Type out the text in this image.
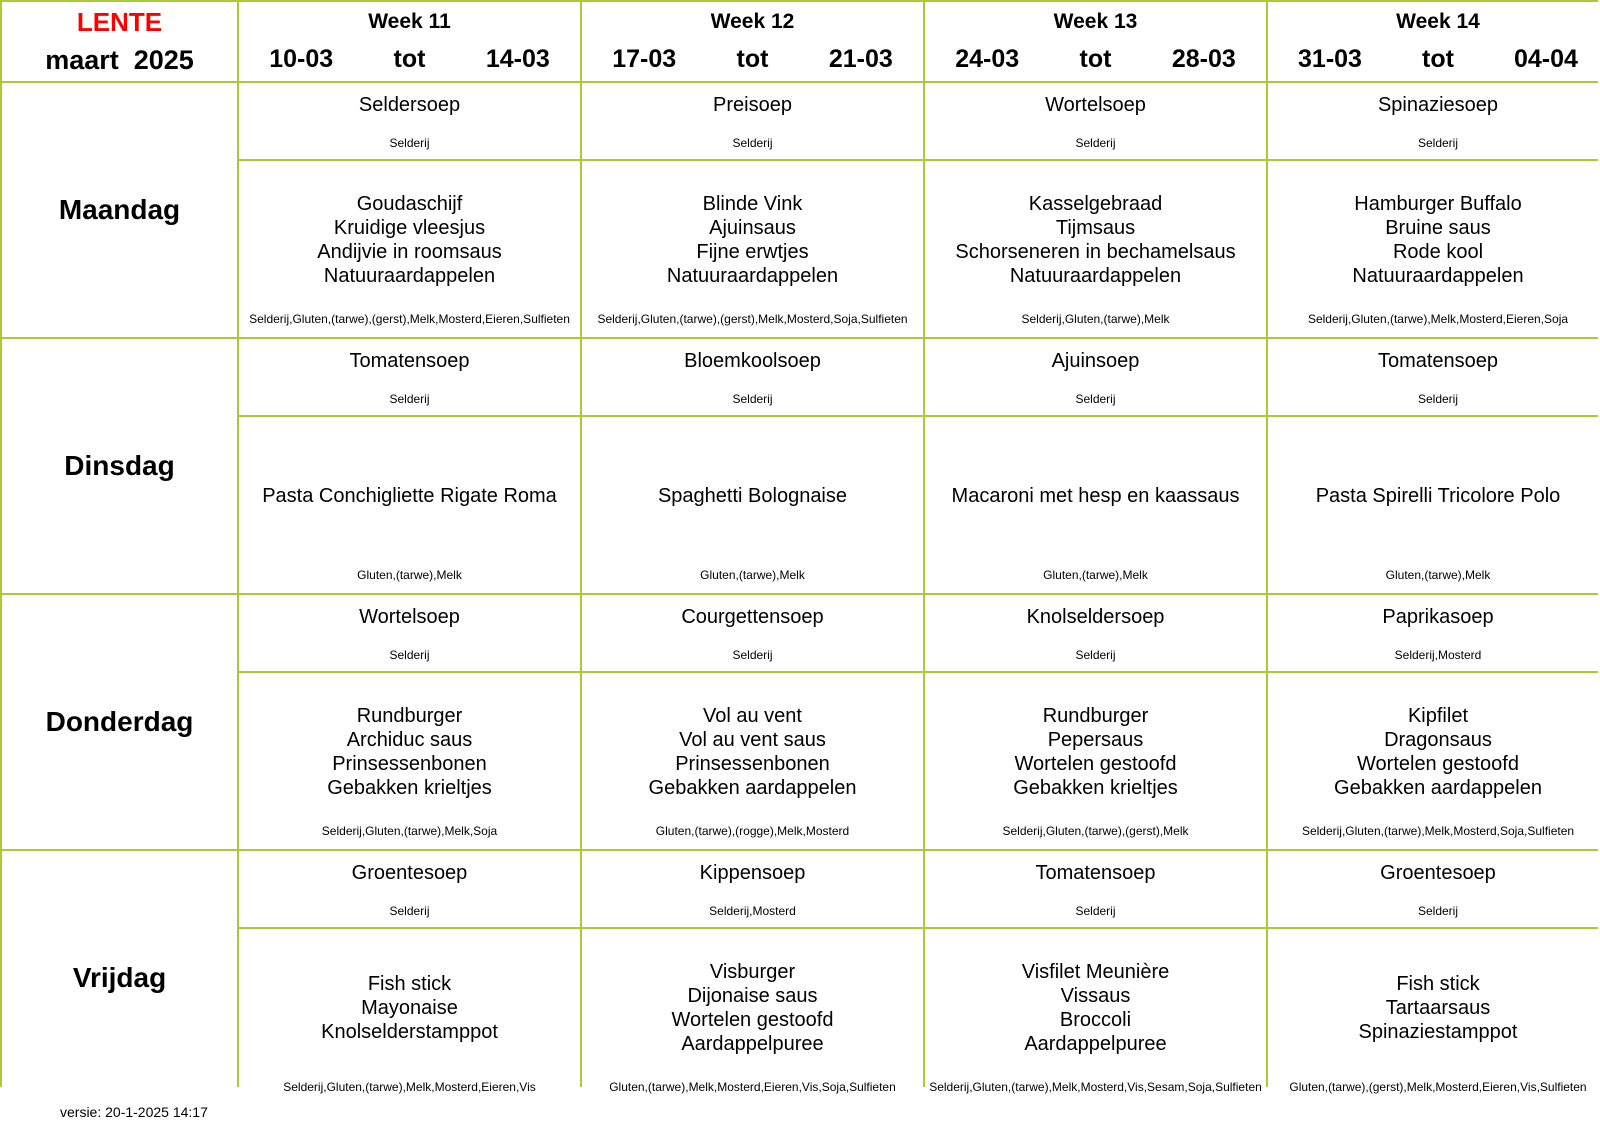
LENTE
maart  2025
Week 11
10-03 tot 14-03
Week 12
17-03 tot 21-03
Week 13
24-03 tot 28-03
Week 14
31-03 tot 04-04
Maandag
Seldersoep
Selderij
Goudaschijf
Kruidige vleesjus
Andijvie in roomsaus
Natuuraardappelen
Selderij,Gluten,(tarwe),(gerst),Melk,Mosterd,Eieren,Sulfieten
Preisoep
Selderij
Blinde Vink
Ajuinsaus
Fijne erwtjes
Natuuraardappelen
Selderij,Gluten,(tarwe),(gerst),Melk,Mosterd,Soja,Sulfieten
Wortelsoep
Selderij
Kasselgebraad
Tijmsaus
Schorseneren in bechamelsaus
Natuuraardappelen
Selderij,Gluten,(tarwe),Melk
Spinaziesoep
Selderij
Hamburger Buffalo
Bruine saus
Rode kool
Natuuraardappelen
Selderij,Gluten,(tarwe),Melk,Mosterd,Eieren,Soja
Dinsdag
Tomatensoep
Selderij
Pasta Conchigliette Rigate Roma
Gluten,(tarwe),Melk
Bloemkoolsoep
Selderij
Spaghetti Bolognaise
Gluten,(tarwe),Melk
Ajuinsoep
Selderij
Macaroni met hesp en kaassaus
Gluten,(tarwe),Melk
Tomatensoep
Selderij
Pasta Spirelli Tricolore Polo
Gluten,(tarwe),Melk
Donderdag
Wortelsoep
Selderij
Rundburger
Archiduc saus
Prinsessenbonen
Gebakken krieltjes
Selderij,Gluten,(tarwe),Melk,Soja
Courgettensoep
Selderij
Vol au vent
Vol au vent saus
Prinsessenbonen
Gebakken aardappelen
Gluten,(tarwe),(rogge),Melk,Mosterd
Knolseldersoep
Selderij
Rundburger
Pepersaus
Wortelen gestoofd
Gebakken krieltjes
Selderij,Gluten,(tarwe),(gerst),Melk
Paprikasoep
Selderij,Mosterd
Kipfilet
Dragonsaus
Wortelen gestoofd
Gebakken aardappelen
Selderij,Gluten,(tarwe),Melk,Mosterd,Soja,Sulfieten
Vrijdag
Groentesoep
Selderij
Fish stick
Mayonaise
Knolselderstamppot
Selderij,Gluten,(tarwe),Melk,Mosterd,Eieren,Vis
Kippensoep
Selderij,Mosterd
Visburger
Dijonaise saus
Wortelen gestoofd
Aardappelpuree
Gluten,(tarwe),Melk,Mosterd,Eieren,Vis,Soja,Sulfieten
Tomatensoep
Selderij
Visfilet Meunière
Vissaus
Broccoli
Aardappelpuree
Selderij,Gluten,(tarwe),Melk,Mosterd,Vis,Sesam,Soja,Sulfieten
Groentesoep
Selderij
Fish stick
Tartaarsaus
Spinaziestamppot
Gluten,(tarwe),(gerst),Melk,Mosterd,Eieren,Vis,Sulfieten
versie: 20-1-2025 14:17
